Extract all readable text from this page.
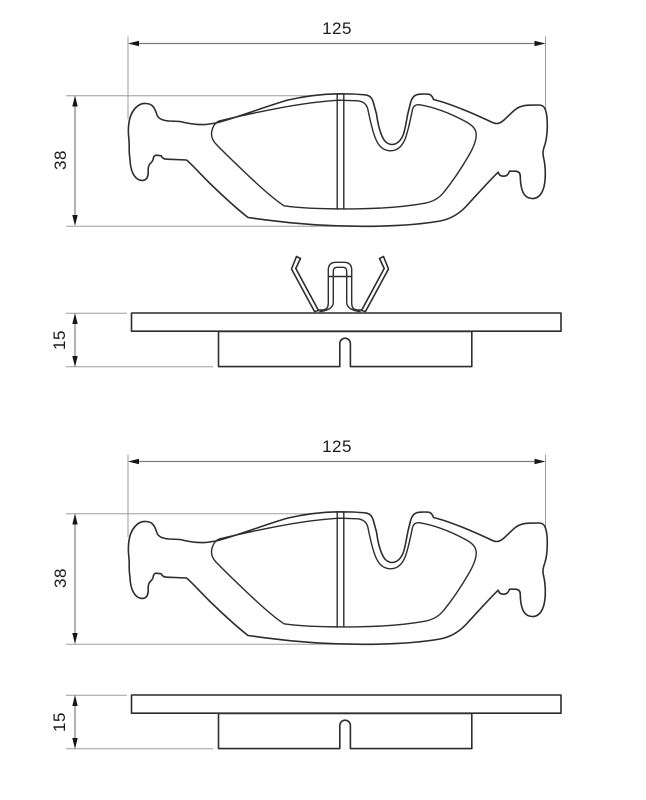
125
38
15
125
38
15
